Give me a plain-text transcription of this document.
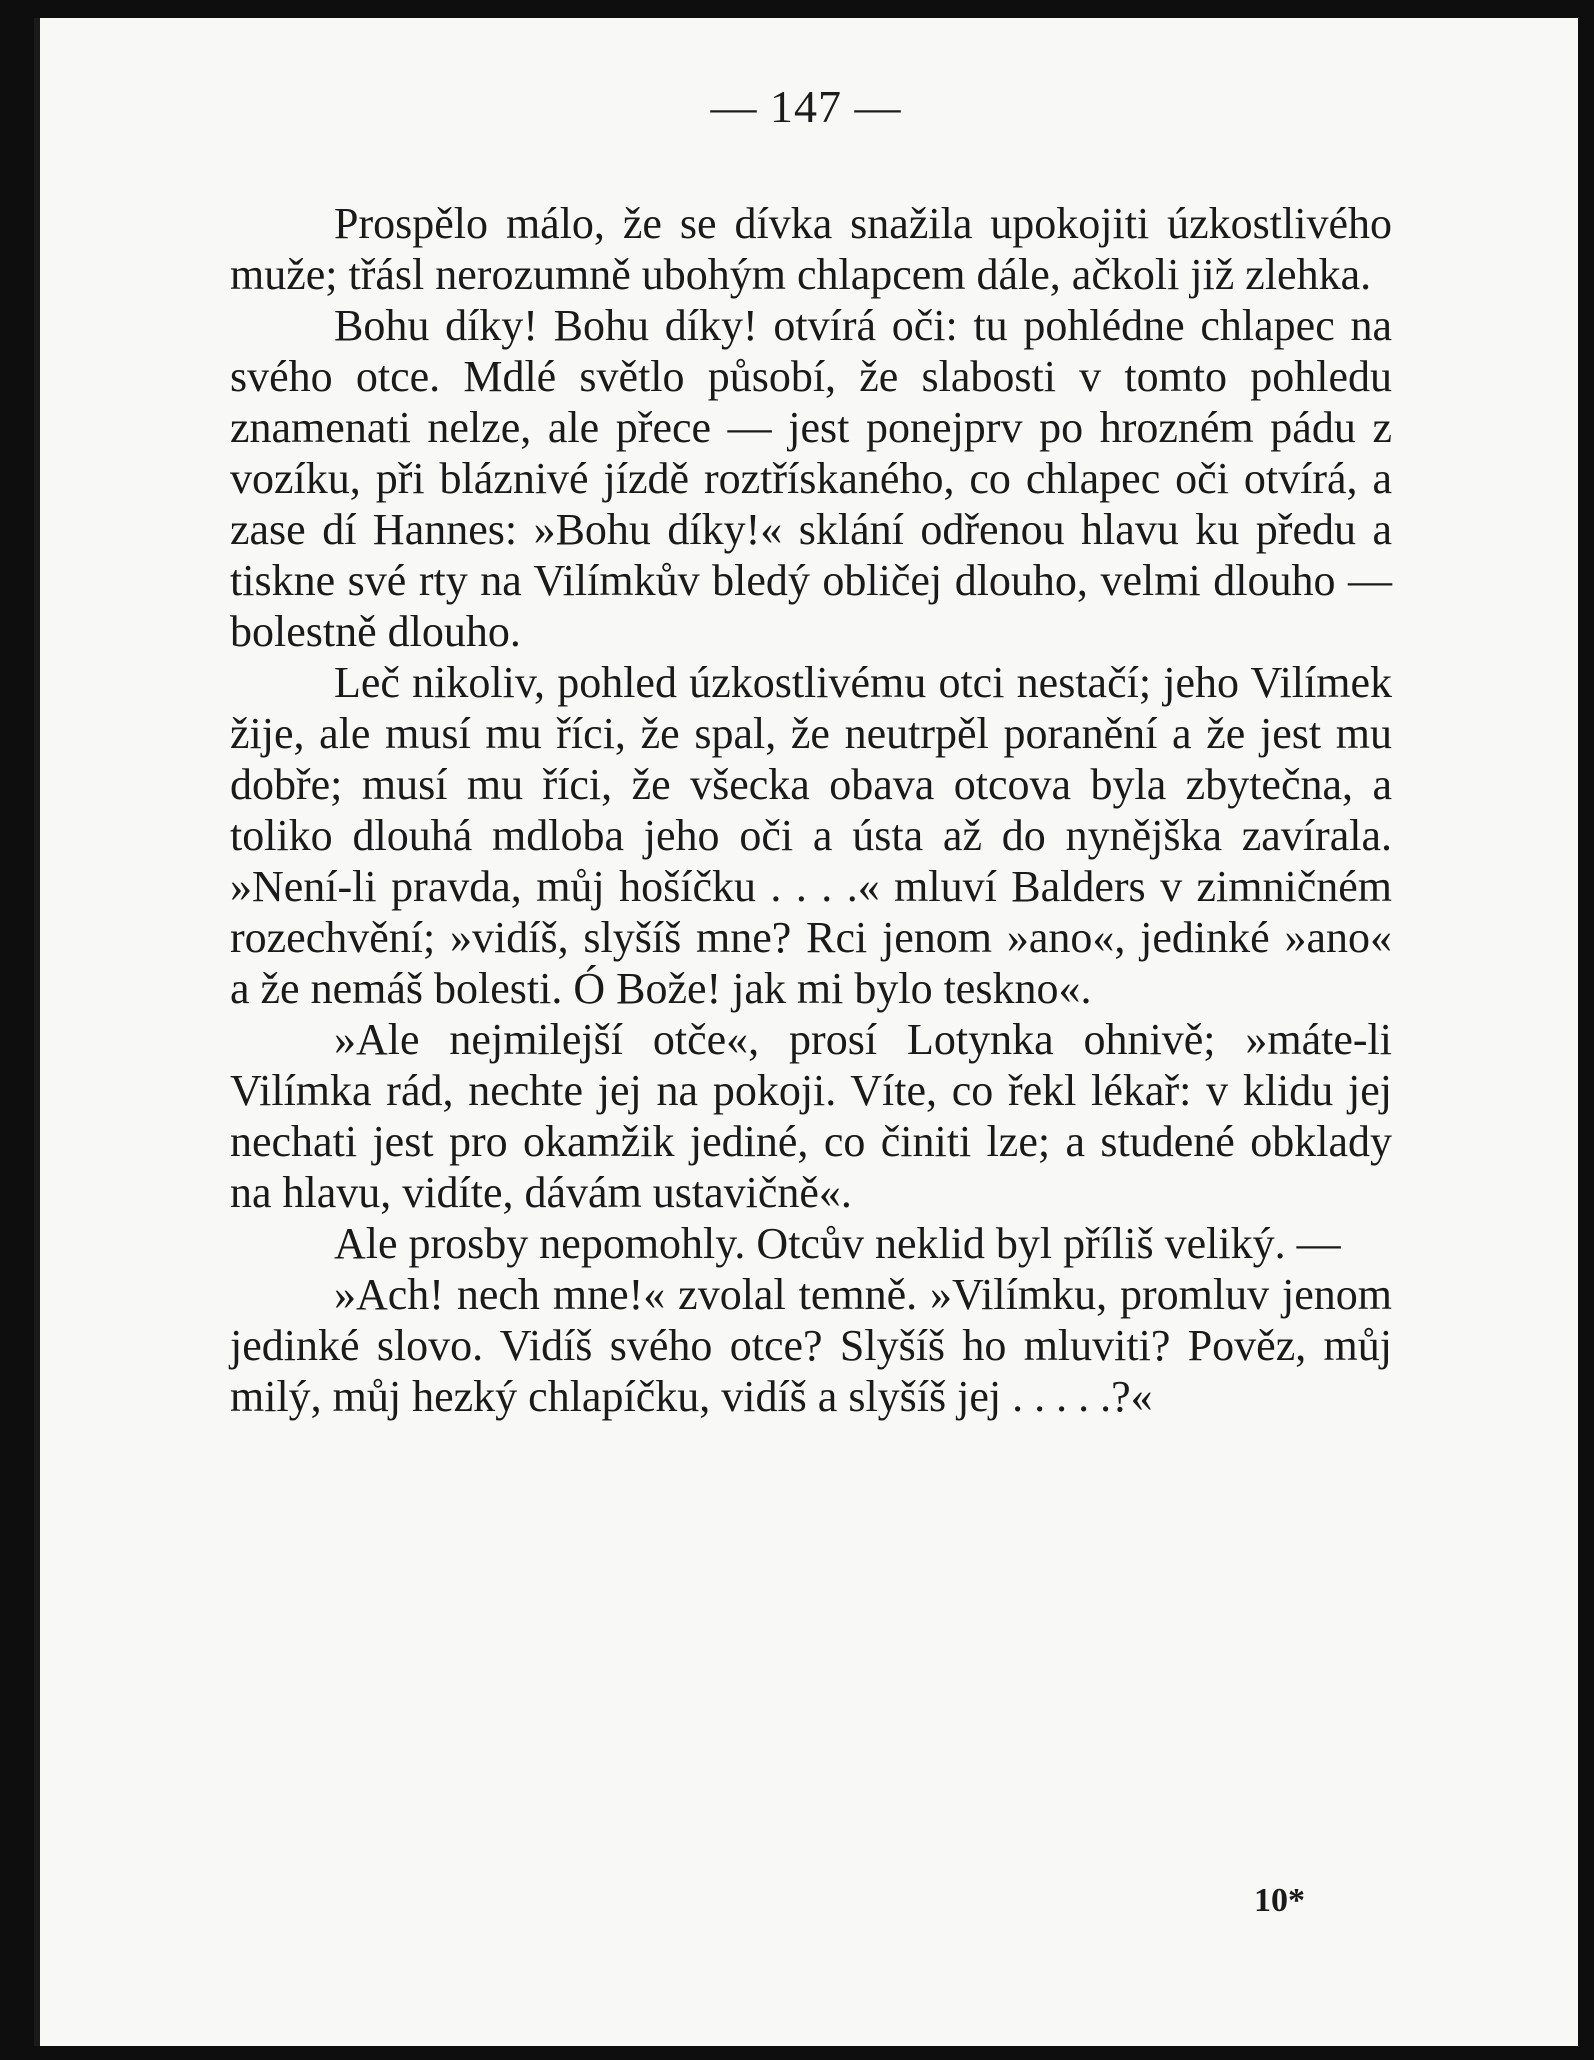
— 147 —

Prospělo málo, že se dívka snažila upokojiti úzkostlivého muže; třásl nerozumně ubohým chlapcem dále, ačkoli již zlehka.

Bohu díky! Bohu díky! otvírá oči: tu pohlédne chlapec na svého otce. Mdlé světlo působí, že slabosti v tomto pohledu znamenati nelze, ale přece — jest ponejprv po hrozném pádu z vozíku, při bláznivé jízdě roztřískaného, co chlapec oči otvírá, a zase dí Hannes: »Bohu díky!« sklání odřenou hlavu ku předu a tiskne své rty na Vilímkův bledý obličej dlouho, velmi dlouho — bolestně dlouho.

Leč nikoliv, pohled úzkostlivému otci nestačí; jeho Vilímek žije, ale musí mu říci, že spal, že neutrpěl poranění a že jest mu dobře; musí mu říci, že všecka obava otcova byla zbytečna, a toliko dlouhá mdloba jeho oči a ústa až do nynějška zavírala. »Není-li pravda, můj hošíčku . . . .« mluví Balders v zimničném rozechvění; »vidíš, slyšíš mne? Rci jenom »ano«, jedinké »ano« a že nemáš bolesti. Ó Bože! jak mi bylo teskno«.

»Ale nejmilejší otče«, prosí Lotynka ohnivě; »máte-li Vilímka rád, nechte jej na pokoji. Víte, co řekl lékař: v klidu jej nechati jest pro okamžik jediné, co činiti lze; a studené obklady na hlavu, vidíte, dávám ustavičně«.

Ale prosby nepomohly. Otcův neklid byl příliš veliký. —

»Ach! nech mne!« zvolal temně. »Vilímku, promluv jenom jedinké slovo. Vidíš svého otce? Slyšíš ho mluviti? Pověz, můj milý, můj hezký chlapíčku, vidíš a slyšíš jej . . . . .?«

10*
